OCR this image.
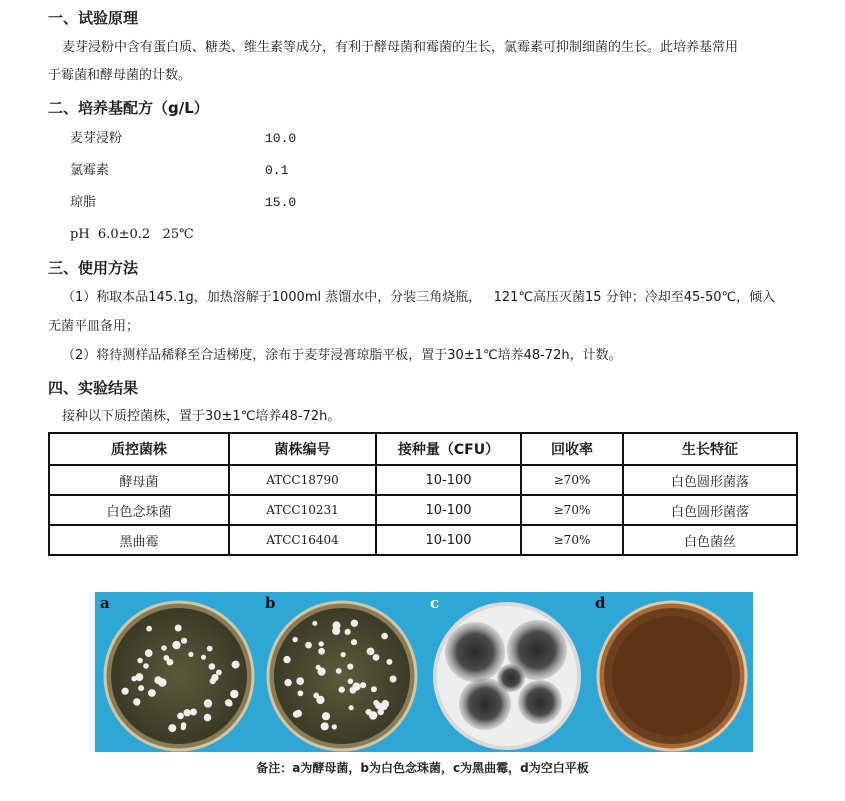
一、试验原理
麦芽浸粉中含有蛋白质、糖类、维生素等成分，有利于酵母菌和霉菌的生长，氯霉素可抑制细菌的生长。此培养基常用
于霉菌和酵母菌的计数。
二、培养基配方（g/L）
麦芽浸粉	10.0
氯霉素	0.1
琼脂	15.0
pH  6.0±0.2   25℃
三、使用方法
（1）称取本品145.1g，加热溶解于1000ml 蒸馏水中，分装三角烧瓶，   121℃高压灭菌15 分钟；冷却至45-50℃，倾入
无菌平皿备用；
（2）将待测样品稀释至合适梯度，涂布于麦芽浸膏琼脂平板，置于30±1℃培养48-72h，计数。
四、实验结果
接种以下质控菌株，置于30±1℃培养48-72h。
质控菌株	菌株编号	接种量（CFU）	回收率	生长特征
酵母菌	ATCC18790	10-100	≥70%	白色圆形菌落
白色念珠菌	ATCC10231	10-100	≥70%	白色圆形菌落
黑曲霉	ATCC16404	10-100	≥70%	白色菌丝
a	b	c	d
备注：a为酵母菌，b为白色念珠菌，c为黑曲霉，d为空白平板
